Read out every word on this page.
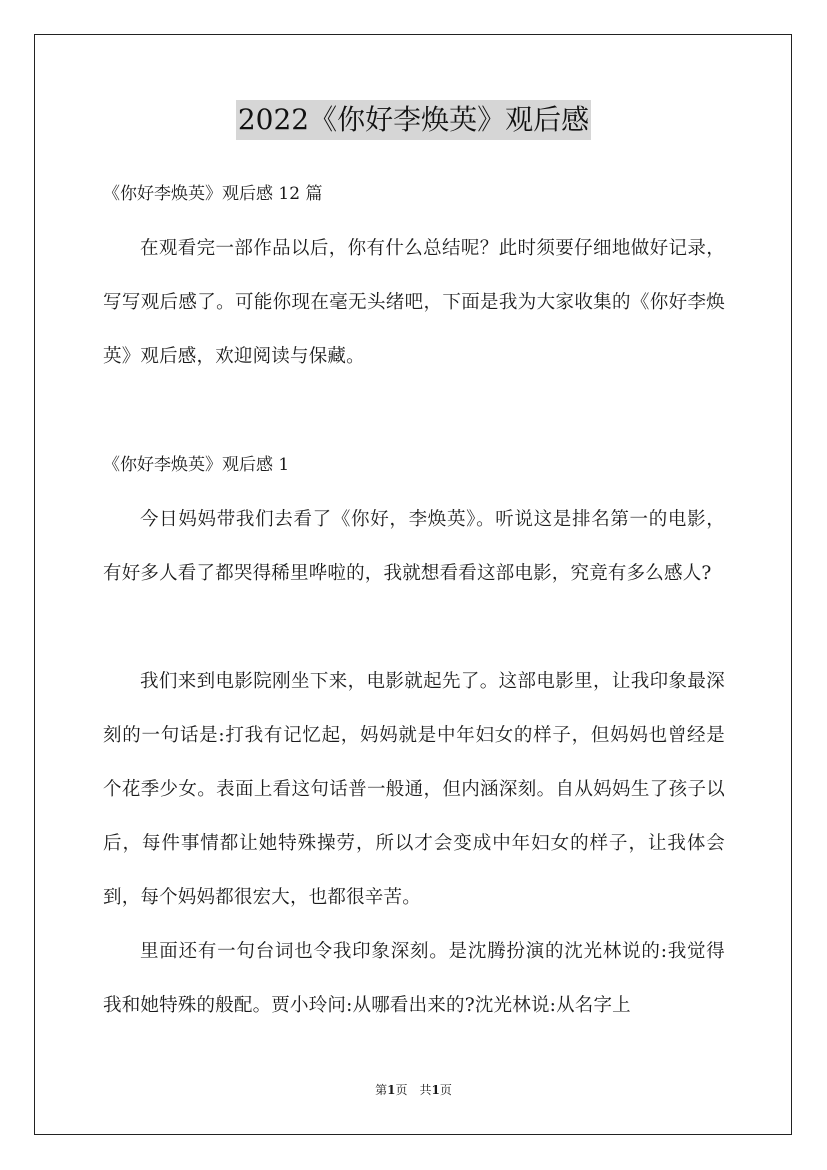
2022《你好李焕英》观后感
《你好李焕英》观后感 12 篇

在观看完一部作品以后，你有什么总结呢？此时须要仔细地做好记录，写写观后感了。可能你现在毫无头绪吧，下面是我为大家收集的《你好李焕英》观后感，欢迎阅读与保藏。

《你好李焕英》观后感 1

今日妈妈带我们去看了《你好，李焕英》。听说这是排名第一的电影，有好多人看了都哭得稀里哗啦的，我就想看看这部电影，究竟有多么感人?

我们来到电影院刚坐下来，电影就起先了。这部电影里，让我印象最深刻的一句话是:打我有记忆起，妈妈就是中年妇女的样子，但妈妈也曾经是个花季少女。表面上看这句话普一般通，但内涵深刻。自从妈妈生了孩子以后，每件事情都让她特殊操劳，所以才会变成中年妇女的样子，让我体会到，每个妈妈都很宏大，也都很辛苦。

里面还有一句台词也令我印象深刻。是沈腾扮演的沈光林说的:我觉得我和她特殊的般配。贾小玲问:从哪看出来的?沈光林说:从名字上

第1页 共1页
